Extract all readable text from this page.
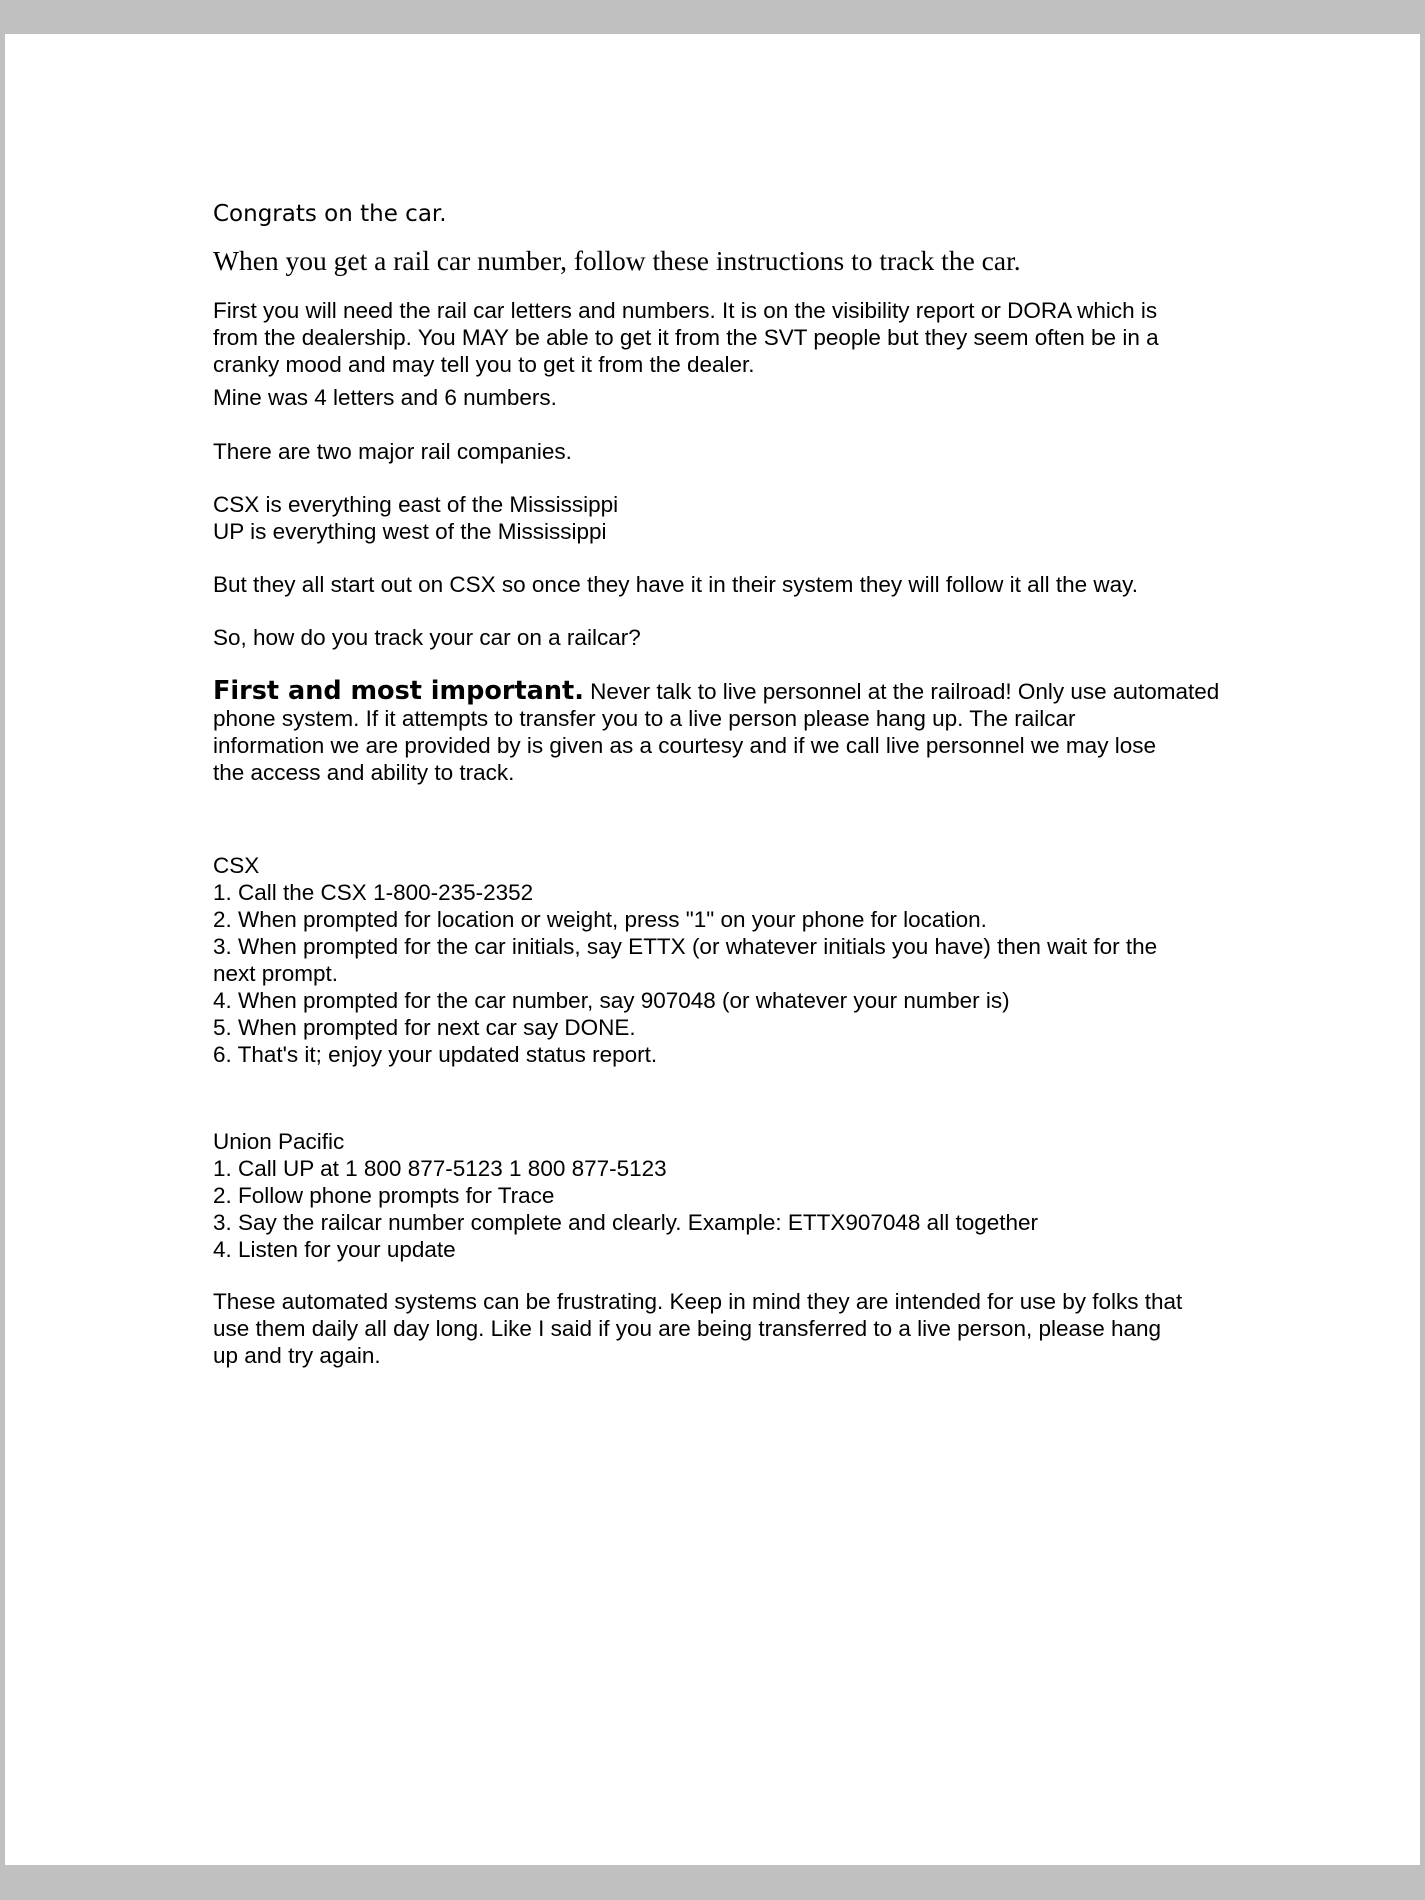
Congrats on the car.

When you get a rail car number, follow these instructions to track the car.

First you will need the rail car letters and numbers. It is on the visibility report or DORA which is
from the dealership. You MAY be able to get it from the SVT people but they seem often be in a
cranky mood and may tell you to get it from the dealer.

Mine was 4 letters and 6 numbers.

There are two major rail companies.

CSX is everything east of the Mississippi
UP is everything west of the Mississippi

But they all start out on CSX so once they have it in their system they will follow it all the way.

So, how do you track your car on a railcar?

First and most important. Never talk to live personnel at the railroad! Only use automated
phone system. If it attempts to transfer you to a live person please hang up. The railcar
information we are provided by is given as a courtesy and if we call live personnel we may lose
the access and ability to track.

CSX
1. Call the CSX 1-800-235-2352
2. When prompted for location or weight, press "1" on your phone for location.
3. When prompted for the car initials, say ETTX (or whatever initials you have) then wait for the
next prompt.
4. When prompted for the car number, say 907048 (or whatever your number is)
5. When prompted for next car say DONE.
6. That's it; enjoy your updated status report.

Union Pacific
1. Call UP at 1 800 877-5123 1 800 877-5123
2. Follow phone prompts for Trace
3. Say the railcar number complete and clearly. Example: ETTX907048 all together
4. Listen for your update

These automated systems can be frustrating. Keep in mind they are intended for use by folks that
use them daily all day long. Like I said if you are being transferred to a live person, please hang
up and try again.
